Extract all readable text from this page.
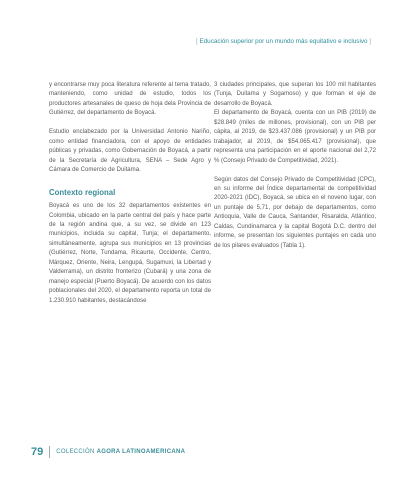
[ Educación superior por un mundo más equitativo e inclusivo ]

y encontrarse muy poca literatura referente al tema tratado, manteniendo, como unidad de estudio, todos los productores artesanales de queso de hoja dela Provincia de Gutiérrez, del departamento de Boyacá.

Estudio enclabezado por la Universidad Antonio Nariño, como entidad financiadora, con el apoyo de entidades públicas y privadas, como Gobernación de Boyacá, a partir de la Secretaría de Agricultura, SENA – Sede Agro y Cámara de Comercio de Duitama.

Contexto regional

Boyacá es uno de los 32 departamentos existentes en Colombia, ubicado en la parte central del país y hace parte de la región andina que, a su vez, se divide en 123 municipios, incluida su capital, Tunja; el departamento, simultáneamente, agrupa sus municipios en 13 provincias (Gutiérrez, Norte, Tundama, Ricaurte, Occidente, Centro, Márquez, Oriente, Neira, Lengupá, Sugamuxi, la Libertad y Valderrama), un distrito fronterizo (Cubará) y una zona de manejo especial (Puerto Boyacá). De acuerdo con los datos poblacionales del 2020, el departamento reporta un total de 1.230.910 habitantes, destacándose

3 ciudades principales, que superan los 100 mil habitantes (Tunja, Duitama y Sogamoso) y que forman el eje de desarrollo de Boyacá.

El departamento de Boyacá, cuenta con un PIB (2019) de $28.849 (miles de millones, provisional), con un PIB per cápita, al 2019, de $23.437.086 (provisional) y un PIB por trabajador, al 2019, de $54.065.417 (provisional), que representa una participación en el aporte nacional del 2,72 % (Consejo Privado de Competitividad, 2021).

Según datos del Consejo Privado de Competitividad (CPC), en su informe del Índice departamental de competitividad 2020-2021 (IDC), Boyacá, se ubica en el noveno lugar, con un puntaje de 5,71, por debajo de departamentos, como Antioquia, Valle de Cauca, Santander, Risaralda, Atlántico, Caldas, Cundinamarca y la capital Bogotá D.C. dentro del informe, se presentan los siguientes puntajes en cada uno de los pilares evaluados (Tabla 1).

79 COLECCIÓN AGORA LATINOAMERICANA
